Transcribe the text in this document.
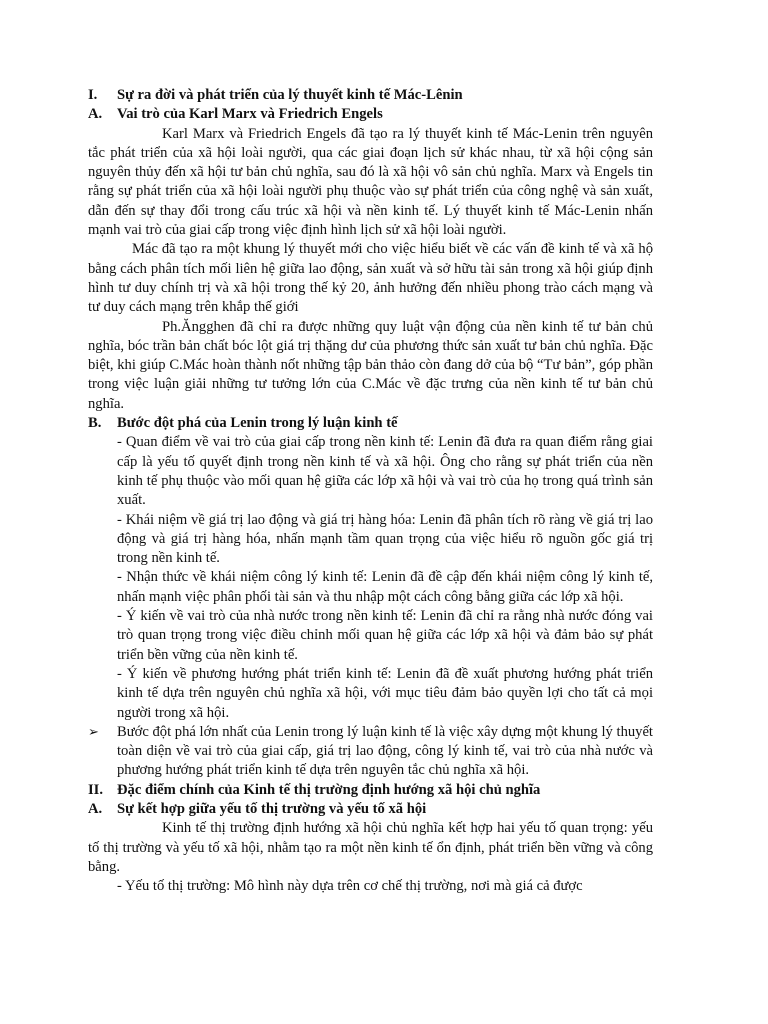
I.	Sự ra đời và phát triển của lý thuyết kinh tế Mác-Lênin
A.	Vai trò của Karl Marx và Friedrich Engels

Karl Marx và Friedrich Engels đã tạo ra lý thuyết kinh tế Mác-Lenin trên nguyên tắc phát triển của xã hội loài người, qua các giai đoạn lịch sử khác nhau, từ xã hội cộng sản nguyên thủy đến xã hội tư bản chủ nghĩa, sau đó là xã hội vô sản chủ nghĩa. Marx và Engels tin rằng sự phát triển của xã hội loài người phụ thuộc vào sự phát triển của công nghệ và sản xuất, dẫn đến sự thay đổi trong cấu trúc xã hội và nền kinh tế. Lý thuyết kinh tế Mác-Lenin nhấn mạnh vai trò của giai cấp trong việc định hình lịch sử xã hội loài người.

Mác đã tạo ra một khung lý thuyết mới cho việc hiểu biết về các vấn đề kinh tế và xã hộ bằng cách phân tích mối liên hệ giữa lao động, sản xuất và sở hữu tài sản trong xã hội giúp định hình tư duy chính trị và xã hội trong thế kỷ 20, ảnh hưởng đến nhiều phong trào cách mạng và tư duy cách mạng trên khắp thế giới

Ph.Ăngghen đã chỉ ra được những quy luật vận động của nền kinh tế tư bản chủ nghĩa, bóc trần bản chất bóc lột giá trị thặng dư của phương thức sản xuất tư bản chủ nghĩa. Đặc biệt, khi giúp C.Mác hoàn thành nốt những tập bản thảo còn đang dở của bộ “Tư bản”, góp phần trong việc luận giải những tư tưởng lớn của C.Mác về đặc trưng của nền kinh tế tư bản chủ nghĩa.

B.	Bước đột phá của Lenin trong lý luận kinh tế

- Quan điểm về vai trò của giai cấp trong nền kinh tế: Lenin đã đưa ra quan điểm rằng giai cấp là yếu tố quyết định trong nền kinh tế và xã hội. Ông cho rằng sự phát triển của nền kinh tế phụ thuộc vào mối quan hệ giữa các lớp xã hội và vai trò của họ trong quá trình sản xuất.

- Khái niệm về giá trị lao động và giá trị hàng hóa: Lenin đã phân tích rõ ràng về giá trị lao động và giá trị hàng hóa, nhấn mạnh tầm quan trọng của việc hiểu rõ nguồn gốc giá trị trong nền kinh tế.

- Nhận thức về khái niệm công lý kinh tế: Lenin đã đề cập đến khái niệm công lý kinh tế, nhấn mạnh việc phân phối tài sản và thu nhập một cách công bằng giữa các lớp xã hội.

- Ý kiến về vai trò của nhà nước trong nền kinh tế: Lenin đã chỉ ra rằng nhà nước đóng vai trò quan trọng trong việc điều chỉnh mối quan hệ giữa các lớp xã hội và đảm bảo sự phát triển bền vững của nền kinh tế.

- Ý kiến về phương hướng phát triển kinh tế: Lenin đã đề xuất phương hướng phát triển kinh tế dựa trên nguyên chủ nghĩa xã hội, với mục tiêu đảm bảo quyền lợi cho tất cả mọi người trong xã hội.

➢	Bước đột phá lớn nhất của Lenin trong lý luận kinh tế là việc xây dựng một khung lý thuyết toàn diện về vai trò của giai cấp, giá trị lao động, công lý kinh tế, vai trò của nhà nước và phương hướng phát triển kinh tế dựa trên nguyên tắc chủ nghĩa xã hội.
II. Đặc điểm chính của Kinh tế thị trường định hướng xã hội chủ nghĩa
A.	Sự kết hợp giữa yếu tố thị trường và yếu tố xã hội

Kinh tế thị trường định hướng xã hội chủ nghĩa kết hợp hai yếu tố quan trọng: yếu tố thị trường và yếu tố xã hội, nhằm tạo ra một nền kinh tế ổn định, phát triển bền vững và công bằng.

- Yếu tố thị trường: Mô hình này dựa trên cơ chế thị trường, nơi mà giá cả được
